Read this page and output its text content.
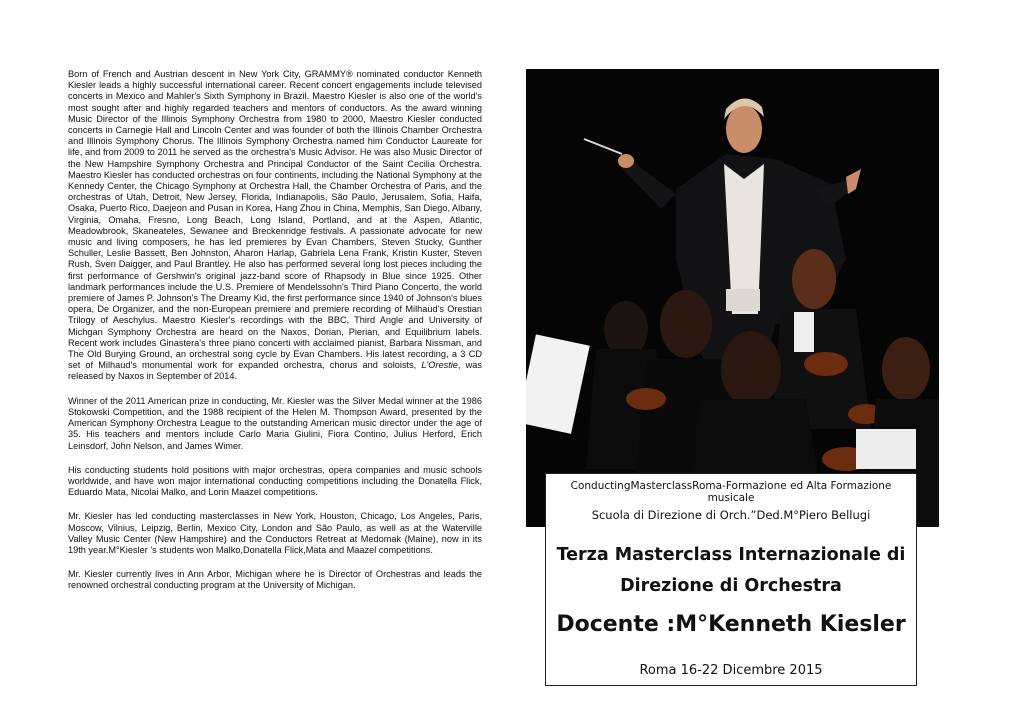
Born of French and Austrian descent in New York City, GRAMMY® nominated conductor Kenneth Kiesler leads a highly successful international career. Recent concert engagements include televised concerts in Mexico and Mahler's Sixth Symphony in Brazil. Maestro Kiesler is also one of the world's most sought after and highly regarded teachers and mentors of conductors. As the award winning Music Director of the Illinois Symphony Orchestra from 1980 to 2000, Maestro Kiesler conducted concerts in Carnegie Hall and Lincoln Center and was founder of both the Illinois Chamber Orchestra and Illinois Symphony Chorus. The Illinois Symphony Orchestra named him Conductor Laureate for life, and from 2009 to 2011 he served as the orchestra's Music Advisor. He was also Music Director of the New Hampshire Symphony Orchestra and Principal Conductor of the Saint Cecilia Orchestra. Maestro Kiesler has conducted orchestras on four continents, including the National Symphony at the Kennedy Center, the Chicago Symphony at Orchestra Hall, the Chamber Orchestra of Paris, and the orchestras of Utah, Detroit, New Jersey, Florida, Indianapolis, São Paulo, Jerusalem, Sofia, Haifa, Osaka, Puerto Rico, Daejeon and Pusan in Korea, Hang Zhou in China, Memphis, San Diego, Albany, Virginia, Omaha, Fresno, Long Beach, Long Island, Portland, and at the Aspen, Atlantic, Meadowbrook, Skaneateles, Sewanee and Breckenridge festivals. A passionate advocate for new music and living composers, he has led premieres by Evan Chambers, Steven Stucky, Gunther Schuller, Leslie Bassett, Ben Johnston, Aharon Harlap, Gabriela Lena Frank, Kristin Kuster, Steven Rush, Sven Daigger, and Paul Brantley. He also has performed several long lost pieces including the first performance of Gershwin's original jazz-band score of Rhapsody in Blue since 1925. Other landmark performances include the U.S. Premiere of Mendelssohn's Third Piano Concerto, the world premiere of James P. Johnson's The Dreamy Kid, the first performance since 1940 of Johnson's blues opera, De Organizer, and the non-European premiere and premiere recording of Milhaud's Orestian Trilogy of Aeschylus. Maestro Kiesler's recordings with the BBC, Third Angle and University of Michgan Symphony Orchestra are heard on the Naxos, Dorian, Pierian, and Equilibrium labels. Recent work includes Ginastera's three piano concerti with acclaimed pianist, Barbara Nissman, and The Old Burying Ground, an orchestral song cycle by Evan Chambers. His latest recording, a 3 CD set of Milhaud's monumental work for expanded orchestra, chorus and soloists, L'Orestie, was released by Naxos in September of 2014.

Winner of the 2011 American prize in conducting, Mr. Kiesler was the Silver Medal winner at the 1986 Stokowski Competition, and the 1988 recipient of the Helen M. Thompson Award, presented by the American Symphony Orchestra League to the outstanding American music director under the age of 35. His teachers and mentors include Carlo Maria Giulini, Fiora Contino, Julius Herford, Erich Leinsdorf, John Nelson, and James Wimer.

His conducting students hold positions with major orchestras, opera companies and music schools worldwide, and have won major international conducting competitions including the Donatella Flick, Eduardo Mata, Nicolai Malko, and Lorin Maazel competitions.

Mr. Kiesler has led conducting masterclasses in New York, Houston, Chicago, Los Angeles, Paris, Moscow, Vilnius, Leipzig, Berlin, Mexico City, London and São Paulo, as well as at the Waterville Valley Music Center (New Hampshire) and the Conductors Retreat at Medomak (Maine), now in its 19th year.M°Kiesler 's students won Malko,Donatella Flick,Mata and Maazel competitions.

Mr. Kiesler currently lives in Ann Arbor, Michigan where he is Director of Orchestras and leads the renowned orchestral conducting program at the University of Michigan.

ConductingMasterclassRoma-Formazione ed Alta Formazione musicale
Scuola di Direzione di Orch.”Ded.M°Piero Bellugi
Terza Masterclass Internazionale di
Direzione di Orchestra
Docente :M°Kenneth Kiesler
Roma 16-22 Dicembre 2015
